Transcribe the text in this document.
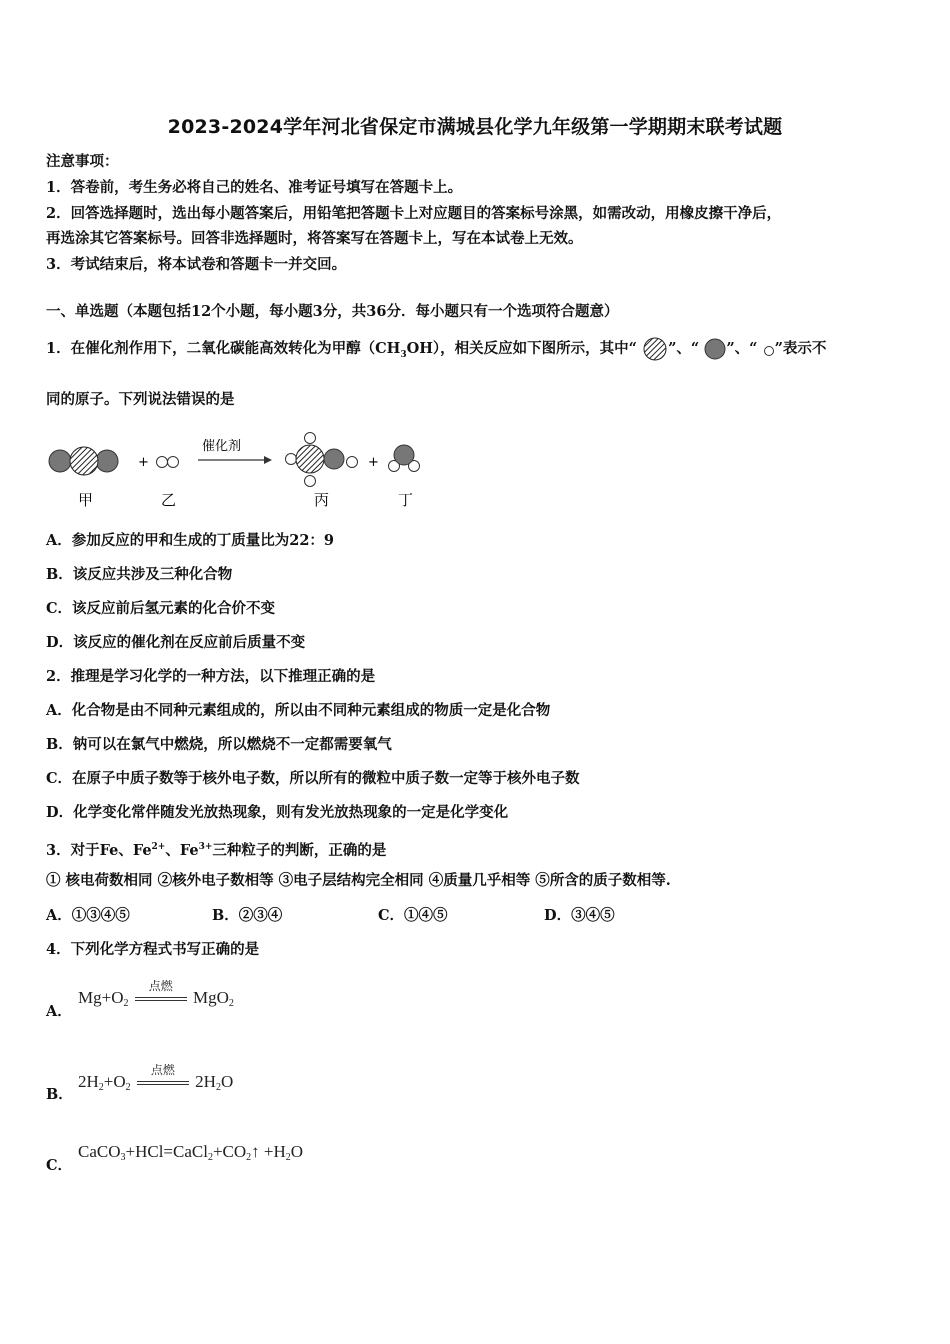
2023-2024学年河北省保定市满城县化学九年级第一学期期末联考试题
注意事项：
1．答卷前，考生务必将自己的姓名、准考证号填写在答题卡上。
2．回答选择题时，选出每小题答案后，用铅笔把答题卡上对应题目的答案标号涂黑，如需改动，用橡皮擦干净后，
再选涂其它答案标号。回答非选择题时，将答案写在答题卡上，写在本试卷上无效。
3．考试结束后，将本试卷和答题卡一并交回。
一、单选题（本题包括12个小题，每小题3分，共36分．每小题只有一个选项符合题意）
1．在催化剂作用下，二氧化碳能高效转化为甲醇$(CH_3OH)$，相关反应如下图所示，其中“ ”、“ ”、“ ”表示不
同的原子。下列说法错误的是
+
催化剂
+
甲	乙	丙	丁
A．参加反应的甲和生成的丁质量比为22：9
B．该反应共涉及三种化合物
C．该反应前后氢元素的化合价不变
D．该反应的催化剂在反应前后质量不变
2．推理是学习化学的一种方法，以下推理正确的是
A．化合物是由不同种元素组成的，所以由不同种元素组成的物质一定是化合物
B．钠可以在氯气中燃烧，所以燃烧不一定都需要氧气
C．在原子中质子数等于核外电子数，所以所有的微粒中质子数一定等于核外电子数
D．化学变化常伴随发光放热现象，则有发光放热现象的一定是化学变化
3．对于Fe、$Fe^{2+}$、$Fe^{3+}$三种粒子的判断，正确的是
① 核电荷数相同 ②核外电子数相等 ③电子层结构完全相同 ④质量几乎相等 ⑤所含的质子数相等.
A．①③④⑤	B．②③④	C．①④⑤	D．③④⑤
4．下列化学方程式书写正确的是
A．
$Mg+O_2$
点燃
MgO$_2$
B．
$2H_2+O_2$
点燃
$2H_2O$
C．
$CaCO_3+HCl=CaCl_2+CO_2↑ +H_2O$
